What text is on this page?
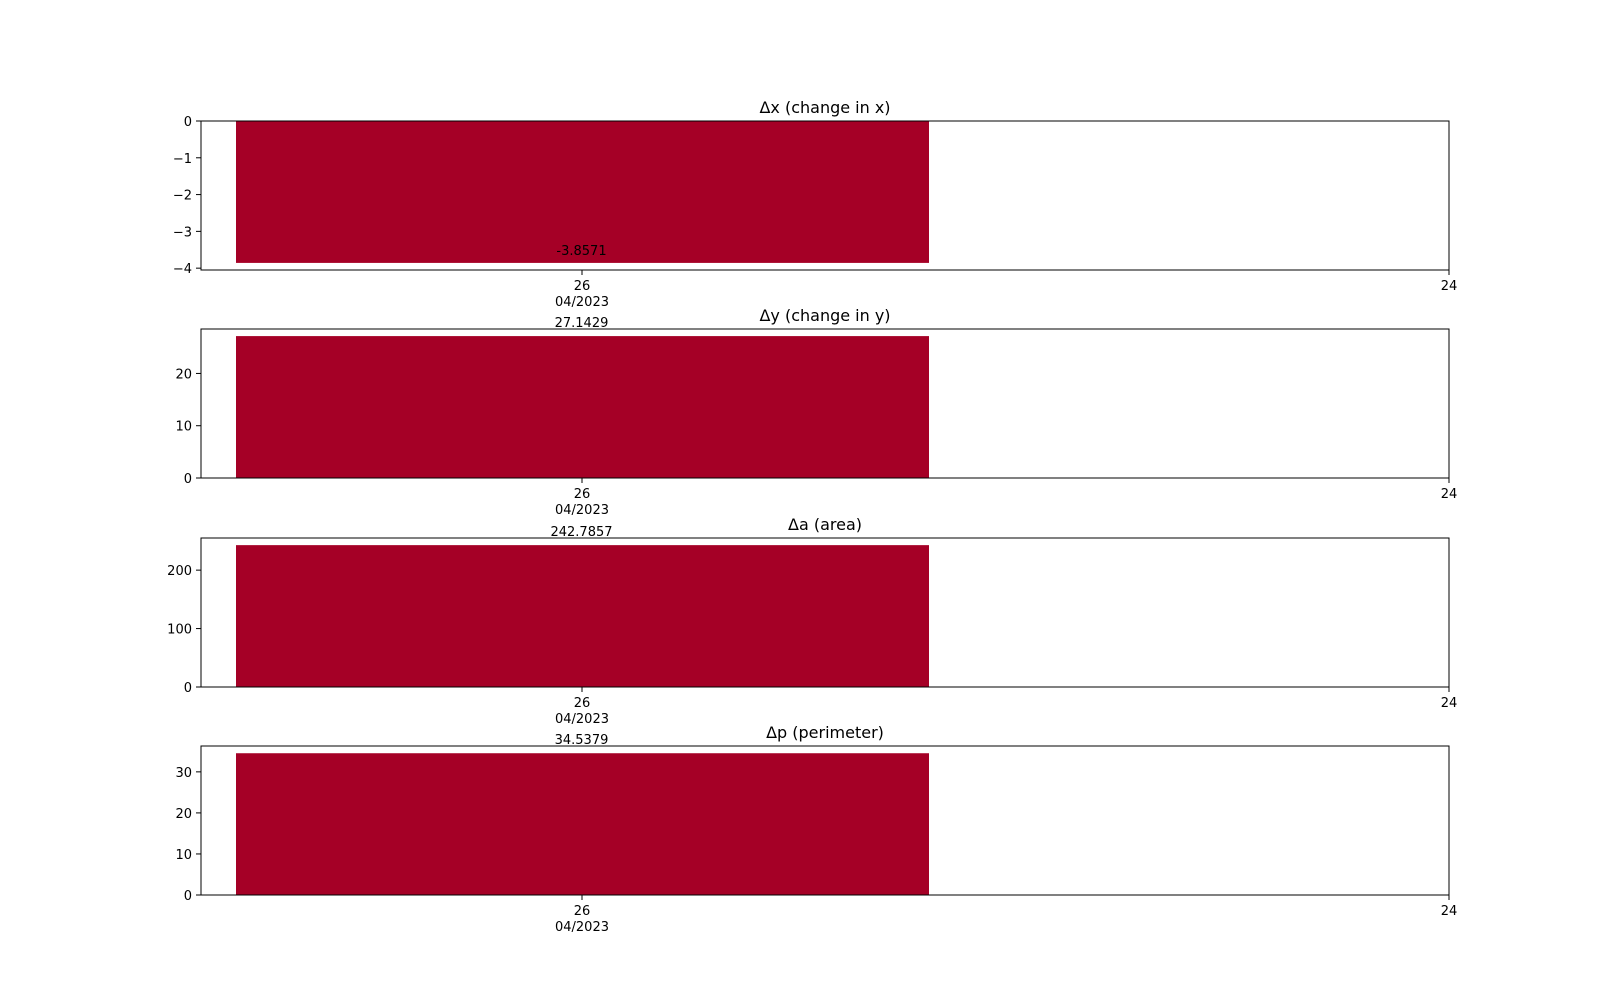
Δx (change in x)
0
−1
−2
−3
−4
26
04/2023
24
-3.8571
Δy (change in y)
0
10
20
26
04/2023
24
27.1429
Δa (area)
0
100
200
26
04/2023
24
242.7857
Δp (perimeter)
0
10
20
30
26
04/2023
24
34.5379
